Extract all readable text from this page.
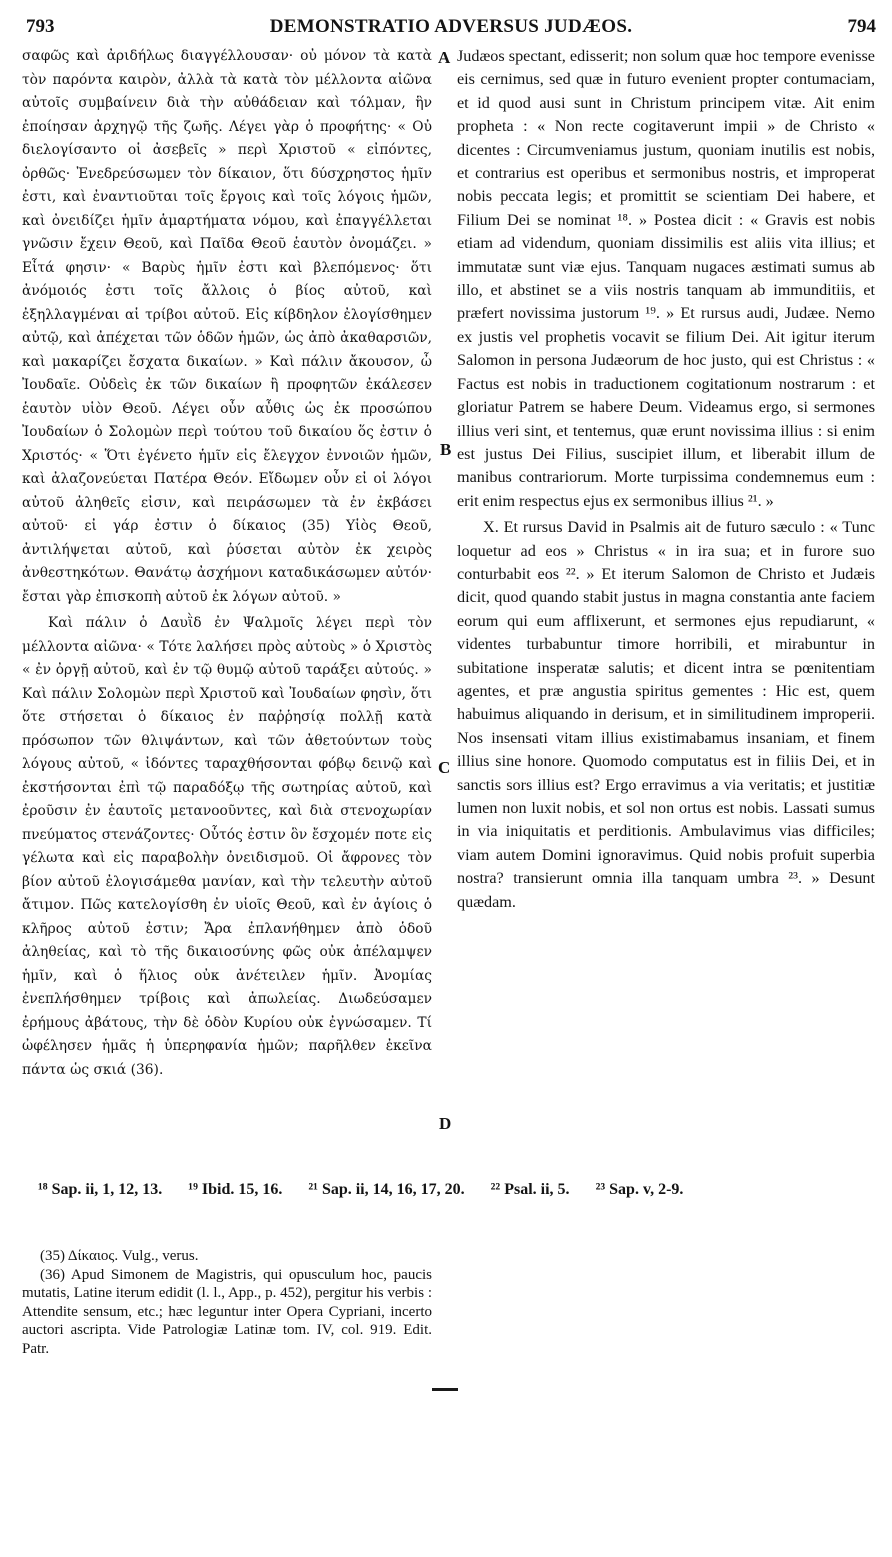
793	DEMONSTRATIO ADVERSUS JUDÆOS.	794

σαφῶς καὶ ἀριδήλως διαγγέλλουσαν· οὐ μόνον τὰ κατὰ τὸν παρόντα καιρὸν, ἀλλὰ τὰ κατὰ τὸν μέλλοντα αἰῶνα αὐτοῖς συμβαίνειν διὰ τὴν αὐθάδειαν καὶ τόλμαν, ἣν ἐποίησαν ἀρχηγῷ τῆς ζωῆς. Λέγει γὰρ ὁ προφήτης· « Οὐ διελογίσαντο οἱ ἀσεβεῖς » περὶ Χριστοῦ « εἰπόντες, ὀρθῶς· Ἐνεδρεύσωμεν τὸν δίκαιον, ὅτι δύσχρηστος ἡμῖν ἐστι, καὶ ἐναντιοῦται τοῖς ἔργοις καὶ τοῖς λόγοις ἡμῶν, καὶ ὀνειδίζει ἡμῖν ἁμαρτήματα νόμου, καὶ ἐπαγγέλλεται γνῶσιν ἔχειν Θεοῦ, καὶ Παῖδα Θεοῦ ἑαυτὸν ὀνομάζει. » Εἶτά φησιν· « Βαρὺς ἡμῖν ἐστι καὶ βλεπόμενος· ὅτι ἀνόμοιός ἐστι τοῖς ἄλλοις ὁ βίος αὐτοῦ, καὶ ἐξηλλαγμέναι αἱ τρίβοι αὐτοῦ. Εἰς κίβδηλον ἐλογίσθημεν αὐτῷ, καὶ ἀπέχεται τῶν ὁδῶν ἡμῶν, ὡς ἀπὸ ἀκαθαρσιῶν, καὶ μακαρίζει ἔσχατα δικαίων. » Καὶ πάλιν ἄκουσον, ὦ Ἰουδαῖε. Οὐδεὶς ἐκ τῶν δικαίων ἢ προφητῶν ἐκάλεσεν ἑαυτὸν υἱὸν Θεοῦ. Λέγει οὖν αὖθις ὡς ἐκ προσώπου Ἰουδαίων ὁ Σολομὼν περὶ τούτου τοῦ δικαίου ὅς ἐστιν ὁ Χριστός· « Ὅτι ἐγένετο ἡμῖν εἰς ἔλεγχον ἐννοιῶν ἡμῶν, καὶ ἀλαζονεύεται Πατέρα Θεόν. Εἴδωμεν οὖν εἰ οἱ λόγοι αὐτοῦ ἀληθεῖς εἰσιν, καὶ πειράσωμεν τὰ ἐν ἐκβάσει αὐτοῦ· εἰ γάρ ἐστιν ὁ δίκαιος (35) Υἱὸς Θεοῦ, ἀντιλήψεται αὐτοῦ, καὶ ῥύσεται αὐτὸν ἐκ χειρὸς ἀνθεστηκότων. Θανάτῳ ἀσχήμονι καταδικάσωμεν αὐτόν· ἔσται γὰρ ἐπισκοπὴ αὐτοῦ ἐκ λόγων αὐτοῦ. »

Καὶ πάλιν ὁ Δαυῒδ ἐν Ψαλμοῖς λέγει περὶ τὸν μέλλοντα αἰῶνα· « Τότε λαλήσει πρὸς αὐτοὺς » ὁ Χριστὸς « ἐν ὀργῇ αὐτοῦ, καὶ ἐν τῷ θυμῷ αὐτοῦ ταράξει αὐτούς. » Καὶ πάλιν Σολομὼν περὶ Χριστοῦ καὶ Ἰουδαίων φησὶν, ὅτι ὅτε στήσεται ὁ δίκαιος ἐν παῤῥησίᾳ πολλῇ κατὰ πρόσωπον τῶν θλιψάντων, καὶ τῶν ἀθετούντων τοὺς λόγους αὐτοῦ, « ἰδόντες ταραχθήσονται φόβῳ δεινῷ καὶ ἐκστήσονται ἐπὶ τῷ παραδόξῳ τῆς σωτηρίας αὐτοῦ, καὶ ἐροῦσιν ἐν ἑαυτοῖς μετανοοῦντες, καὶ διὰ στενοχωρίαν πνεύματος στενάζοντες· Οὗτός ἐστιν ὃν ἔσχομέν ποτε εἰς γέλωτα καὶ εἰς παραβολὴν ὀνειδισμοῦ. Οἱ ἄφρονες τὸν βίον αὐτοῦ ἐλογισάμεθα μανίαν, καὶ τὴν τελευτὴν αὐτοῦ ἄτιμον. Πῶς κατελογίσθη ἐν υἱοῖς Θεοῦ, καὶ ἐν ἁγίοις ὁ κλῆρος αὐτοῦ ἐστιν; Ἄρα ἐπλανήθημεν ἀπὸ ὁδοῦ ἀληθείας, καὶ τὸ τῆς δικαιοσύνης φῶς οὐκ ἀπέλαμψεν ἡμῖν, καὶ ὁ ἥλιος οὐκ ἀνέτειλεν ἡμῖν. Ἀνομίας ἐνεπλήσθημεν τρίβοις καὶ ἀπωλείας. Διωδεύσαμεν ἐρήμους ἀβάτους, τὴν δὲ ὁδὸν Κυρίου οὐκ ἐγνώσαμεν. Τί ὠφέλησεν ἡμᾶς ἡ ὑπερηφανία ἡμῶν; παρῆλθεν ἐκεῖνα πάντα ὡς σκιά (36).

A
B
C
D

Judæos spectant, edisserit; non solum quæ hoc tempore evenisse eis cernimus, sed quæ in futuro evenient propter contumaciam, et id quod ausi sunt in Christum principem vitæ. Ait enim propheta : « Non recte cogitaverunt impii » de Christo « dicentes : Circumveniamus justum, quoniam inutilis est nobis, et contrarius est operibus et sermonibus nostris, et improperat nobis peccata legis; et promittit se scientiam Dei habere, et Filium Dei se nominat ¹⁸. » Postea dicit : « Gravis est nobis etiam ad videndum, quoniam dissimilis est aliis vita illius; et immutatæ sunt viæ ejus. Tanquam nugaces æstimati sumus ab illo, et abstinet se a viis nostris tanquam ab immunditiis, et præfert novissima justorum ¹⁹. » Et rursus audi, Judæe. Nemo ex justis vel prophetis vocavit se filium Dei. Ait igitur iterum Salomon in persona Judæorum de hoc justo, qui est Christus : « Factus est nobis in traductionem cogitationum nostrarum : et gloriatur Patrem se habere Deum. Videamus ergo, si sermones illius veri sint, et tentemus, quæ erunt novissima illius : si enim est justus Dei Filius, suscipiet illum, et liberabit illum de manibus contrariorum. Morte turpissima condemnemus eum : erit enim respectus ejus ex sermonibus illius ²¹. »

X. Et rursus David in Psalmis ait de futuro sæculo : « Tunc loquetur ad eos » Christus « in ira sua; et in furore suo conturbabit eos ²². » Et iterum Salomon de Christo et Judæis dicit, quod quando stabit justus in magna constantia ante faciem eorum qui eum afflixerunt, et sermones ejus repudiarunt, « videntes turbabuntur timore horribili, et mirabuntur in subitatione insperatæ salutis; et dicent intra se pœnitentiam agentes, et præ angustia spiritus gementes : Hic est, quem habuimus aliquando in derisum, et in similitudinem improperii. Nos insensati vitam illius existimabamus insaniam, et finem illius sine honore. Quomodo computatus est in filiis Dei, et in sanctis sors illius est? Ergo erravimus a via veritatis; et justitiæ lumen non luxit nobis, et sol non ortus est nobis. Lassati sumus in via iniquitatis et perditionis. Ambulavimus vias difficiles; viam autem Domini ignoravimus. Quid nobis profuit superbia nostra? transierunt omnia illa tanquam umbra ²³. » Desunt quædam.

¹⁸ Sap. ii, 1, 12, 13. ¹⁹ Ibid. 15, 16. ²¹ Sap. ii, 14, 16, 17, 20. ²² Psal. ii, 5. ²³ Sap. v, 2-9.

(35) Δίκαιος. Vulg., verus.

(36) Apud Simonem de Magistris, qui opusculum hoc, paucis mutatis, Latine iterum edidit (l. l., App., p. 452), pergitur his verbis : Attendite sensum, etc.; hæc leguntur inter Opera Cypriani, incerto auctori ascripta. Vide Patrologiæ Latinæ tom. IV, col. 919. Edit. Patr.
